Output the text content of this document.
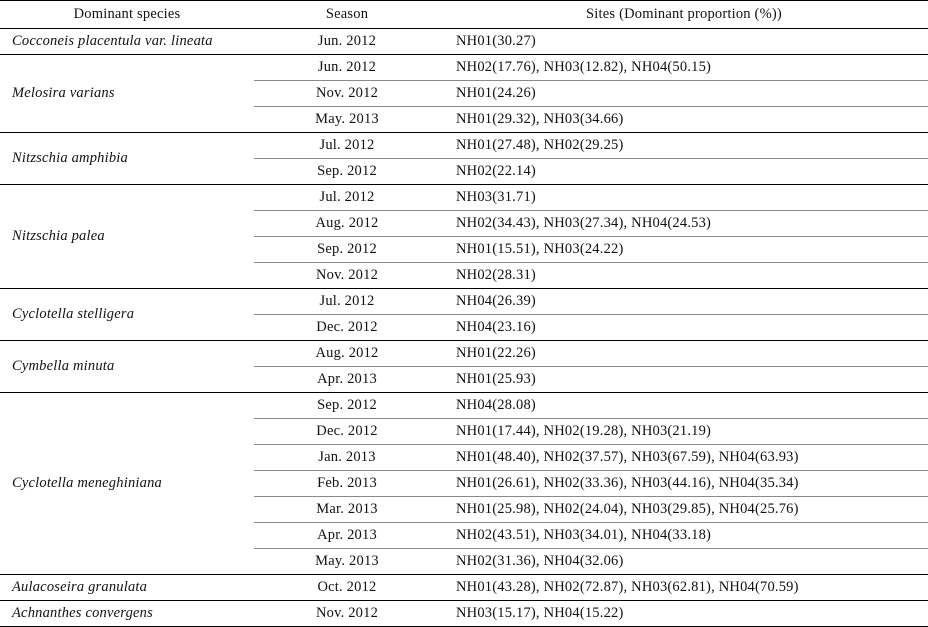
Dominant species	Season	Sites (Dominant proportion (%))
Cocconeis placentula var. lineata	Jun. 2012	NH01(30.27)
Melosira varians	Jun. 2012	NH02(17.76), NH03(12.82), NH04(50.15)
	Nov. 2012	NH01(24.26)
	May. 2013	NH01(29.32), NH03(34.66)
Nitzschia amphibia	Jul. 2012	NH01(27.48), NH02(29.25)
	Sep. 2012	NH02(22.14)
Nitzschia palea	Jul. 2012	NH03(31.71)
	Aug. 2012	NH02(34.43), NH03(27.34), NH04(24.53)
	Sep. 2012	NH01(15.51), NH03(24.22)
	Nov. 2012	NH02(28.31)
Cyclotella stelligera	Jul. 2012	NH04(26.39)
	Dec. 2012	NH04(23.16)
Cymbella minuta	Aug. 2012	NH01(22.26)
	Apr. 2013	NH01(25.93)
Cyclotella meneghiniana	Sep. 2012	NH04(28.08)
	Dec. 2012	NH01(17.44), NH02(19.28), NH03(21.19)
	Jan. 2013	NH01(48.40), NH02(37.57), NH03(67.59), NH04(63.93)
	Feb. 2013	NH01(26.61), NH02(33.36), NH03(44.16), NH04(35.34)
	Mar. 2013	NH01(25.98), NH02(24.04), NH03(29.85), NH04(25.76)
	Apr. 2013	NH02(43.51), NH03(34.01), NH04(33.18)
	May. 2013	NH02(31.36), NH04(32.06)
Aulacoseira granulata	Oct. 2012	NH01(43.28), NH02(72.87), NH03(62.81), NH04(70.59)
Achnanthes convergens	Nov. 2012	NH03(15.17), NH04(15.22)
